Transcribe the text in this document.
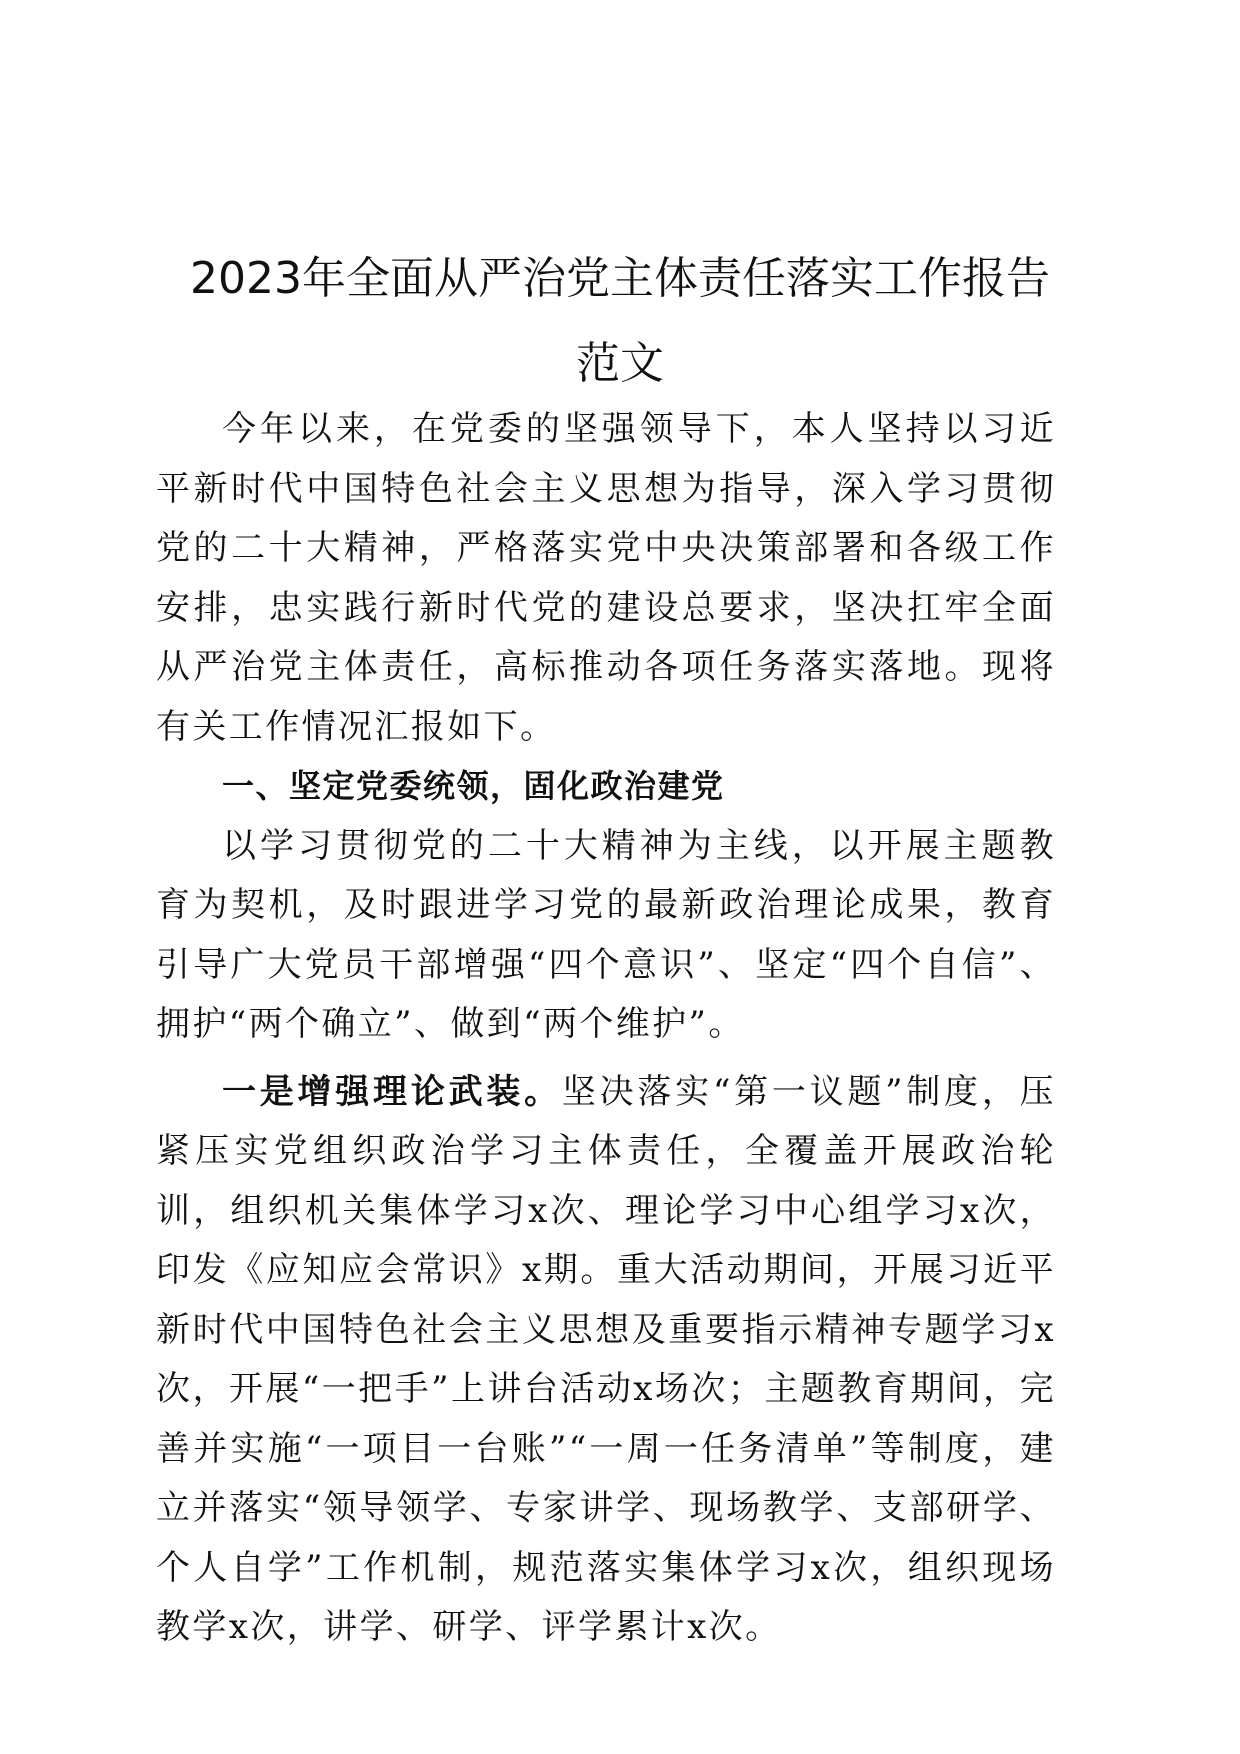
2023年全面从严治党主体责任落实工作报告
范文

今年以来，在党委的坚强领导下，本人坚持以习近平新时代中国特色社会主义思想为指导，深入学习贯彻党的二十大精神，严格落实党中央决策部署和各级工作安排，忠实践行新时代党的建设总要求，坚决扛牢全面从严治党主体责任，高标推动各项任务落实落地。现将有关工作情况汇报如下。

一、坚定党委统领，固化政治建党

以学习贯彻党的二十大精神为主线，以开展主题教育为契机，及时跟进学习党的最新政治理论成果，教育引导广大党员干部增强“四个意识”、坚定“四个自信”、拥护“两个确立”、做到“两个维护”。

一是增强理论武装。坚决落实“第一议题”制度，压紧压实党组织政治学习主体责任，全覆盖开展政治轮训，组织机关集体学习x次、理论学习中心组学习x次，印发《应知应会常识》x期。重大活动期间，开展习近平新时代中国特色社会主义思想及重要指示精神专题学习x次，开展“一把手”上讲台活动x场次；主题教育期间，完善并实施“一项目一台账”“一周一任务清单”等制度，建立并落实“领导领学、专家讲学、现场教学、支部研学、个人自学”工作机制，规范落实集体学习x次，组织现场教学x次，讲学、研学、评学累计x次。
